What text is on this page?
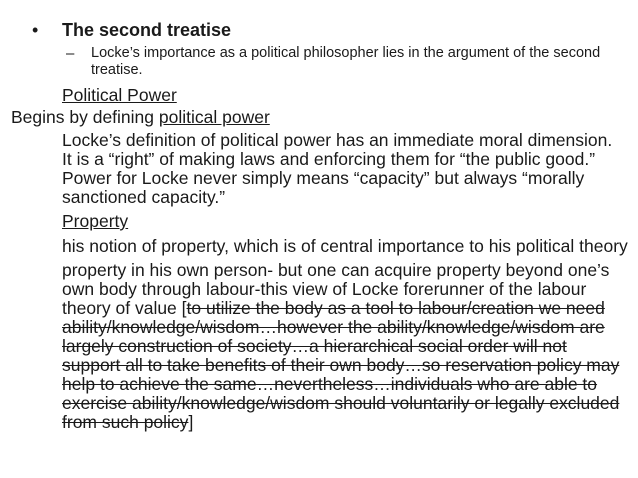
• The second treatise
– Locke’s importance as a political philosopher lies in the argument of the second treatise.
Political Power
Begins by defining political power
Locke’s definition of political power has an immediate moral dimension. It is a “right” of making laws and enforcing them for “the public good.” Power for Locke never simply means “capacity” but always “morally sanctioned capacity.”
Property
his notion of property, which is of central importance to his political theory
property in his own person- but one can acquire property beyond one’s own body through labour-this view of Locke forerunner of the labour theory of value [to utilize the body as a tool to labour/creation we need ability/knowledge/wisdom…however the ability/knowledge/wisdom are largely construction of society…a hierarchical social order will not support all to take benefits of their own body…so reservation policy may help to achieve the same…nevertheless…individuals who are able to exercise ability/knowledge/wisdom should voluntarily or legally excluded from such policy]
